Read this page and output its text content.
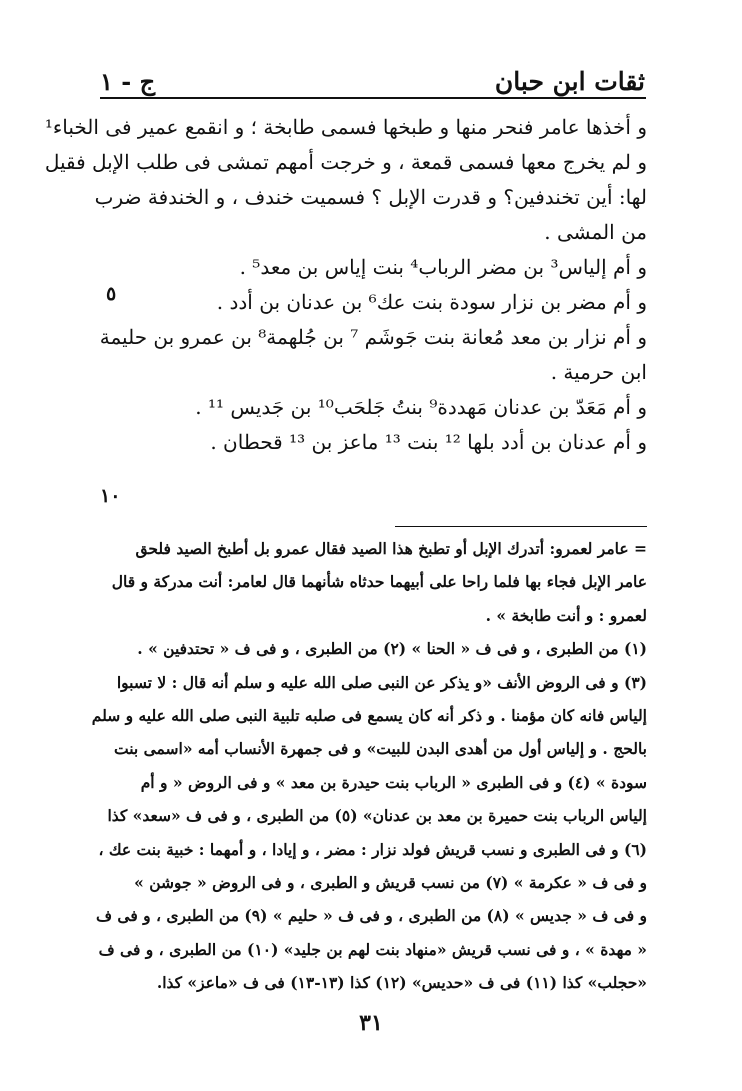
ج - ١	ثقات ابن حبان
و أخذها عامر فنحر منها و طبخها فسمى طابخة ؛ و انقمع عمير فى الخباء¹
و لم يخرج معها فسمى قمعة ، و خرجت أمهم تمشى فى طلب الإبل فقيل
لها: أين تخندفين؟ و قدرت الإبل ؟ فسميت خندف ، و الخندفة ضرب
من المشى .
و أم إلياس³ بن مضر الرباب⁴ بنت إياس بن معد⁵ .
و أم مضر بن نزار سودة بنت عك⁶ بن عدنان بن أدد .
و أم نزار بن معد مُعانة بنت جَوشَم ⁷ بن جُلهمة⁸ بن عمرو بن حليمة
ابن حرمية .
و أم مَعَدّ بن عدنان مَهددة⁹ بنتُ جَلحَب¹⁰ بن جَديس ¹¹ .
و أم عدنان بن أدد بلها ¹² بنت ¹³ ماعز بن ¹³ قحطان .
٥
١٠
= عامر لعمرو: أتدرك الإبل أو تطبخ هذا الصيد فقال عمرو بل أطبخ الصيد فلحق
عامر الإبل فجاء بها فلما راحا على أبيهما حدثاه شأنهما قال لعامر: أنت مدركة و قال
لعمرو : و أنت طابخة » .
(١) من الطبرى ، و فى ف « الحنا » (٢) من الطبرى ، و فى ف « تحتدفين » .
(٣) و فى الروض الأنف «و يذكر عن النبى صلى الله عليه و سلم أنه قال : لا تسبوا
إلياس فانه كان مؤمنا . و ذكر أنه كان يسمع فى صلبه تلبية النبى صلى الله عليه و سلم
بالحج . و إلياس أول من أهدى البدن للبيت» و فى جمهرة الأنساب أمه «اسمى بنت
سودة » (٤) و فى الطبرى « الرباب بنت حيدرة بن معد » و فى الروض « و أم
إلياس الرباب بنت حميرة بن معد بن عدنان» (٥) من الطبرى ، و فى ف «سعد» كذا
(٦) و فى الطبرى و نسب قريش فولد نزار : مضر ، و إيادا ، و أمهما : خبية بنت عك ،
و فى ف « عكرمة » (٧) من نسب قريش و الطبرى ، و فى الروض « جوشن »
و فى ف « جديس » (٨) من الطبرى ، و فى ف « حليم » (٩) من الطبرى ، و فى ف
« مهدة » ، و فى نسب قريش «منهاد بنت لهم بن جليد» (١٠) من الطبرى ، و فى ف
«حجلب» كذا (١١) فى ف «حديس» (١٢) كذا (١٣-١٣) فى ف «ماعز» كذا.
٣١
